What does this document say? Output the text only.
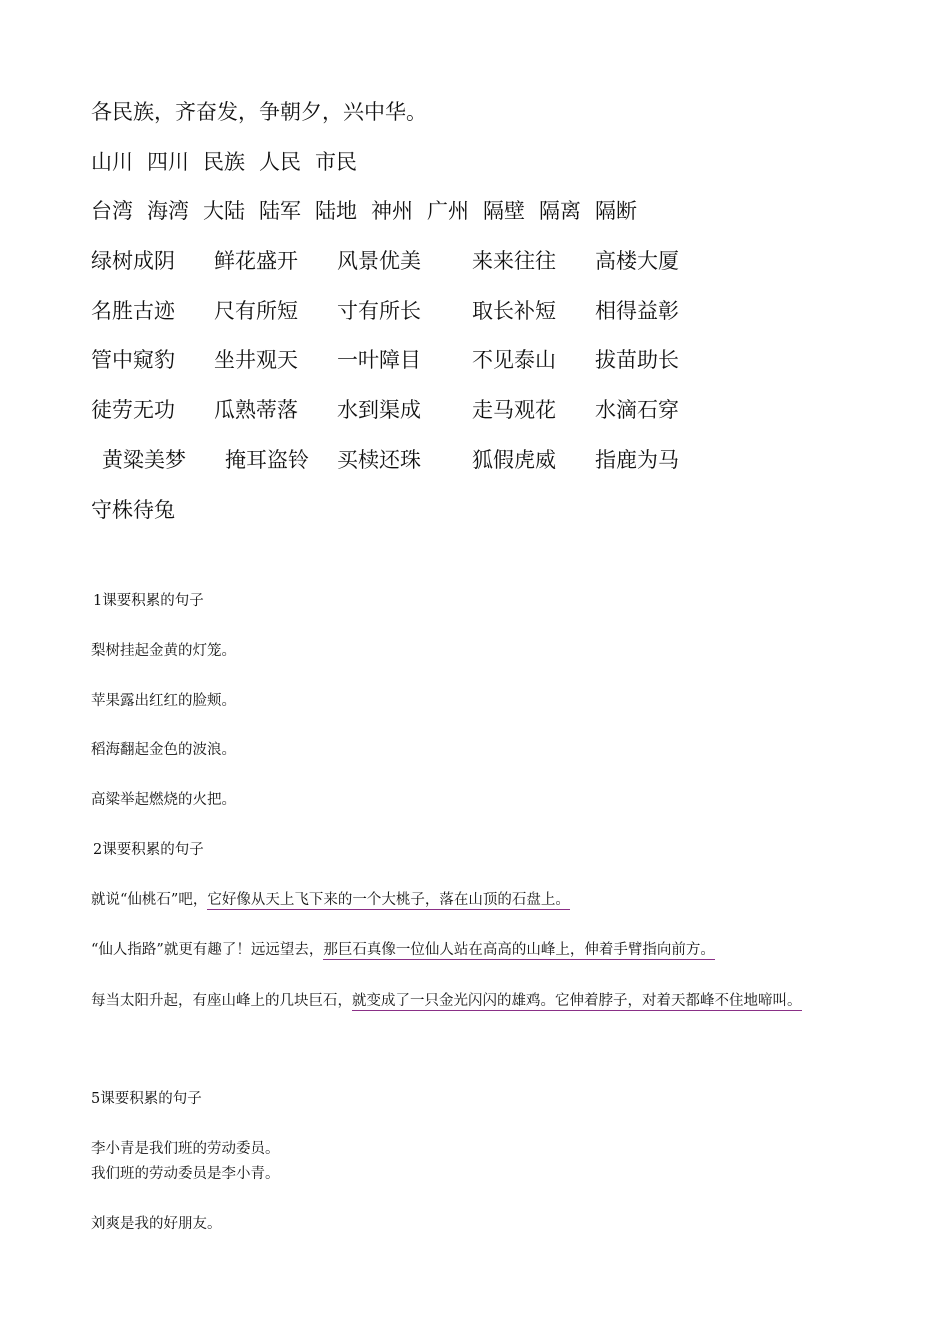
各民族，齐奋发，争朝夕，兴中华。
山川 四川 民族 人民 市民
台湾 海湾 大陆 陆军 陆地 神州 广州 隔壁 隔离 隔断
绿树成阴 鲜花盛开 风景优美 来来往往 高楼大厦
名胜古迹 尺有所短 寸有所长 取长补短 相得益彰
管中窥豹 坐井观天 一叶障目 不见泰山 拔苗助长
徒劳无功 瓜熟蒂落 水到渠成 走马观花 水滴石穿
黄粱美梦 掩耳盗铃 买椟还珠 狐假虎威 指鹿为马
守株待兔
1课要积累的句子
梨树挂起金黄的灯笼。
苹果露出红红的脸颊。
稻海翻起金色的波浪。
高粱举起燃烧的火把。
2课要积累的句子
就说“仙桃石”吧，它好像从天上飞下来的一个大桃子，落在山顶的石盘上。
“仙人指路”就更有趣了！远远望去，那巨石真像一位仙人站在高高的山峰上，伸着手臂指向前方。
每当太阳升起，有座山峰上的几块巨石，就变成了一只金光闪闪的雄鸡。它伸着脖子，对着天都峰不住地啼叫。
5课要积累的句子
李小青是我们班的劳动委员。
我们班的劳动委员是李小青。
刘爽是我的好朋友。
